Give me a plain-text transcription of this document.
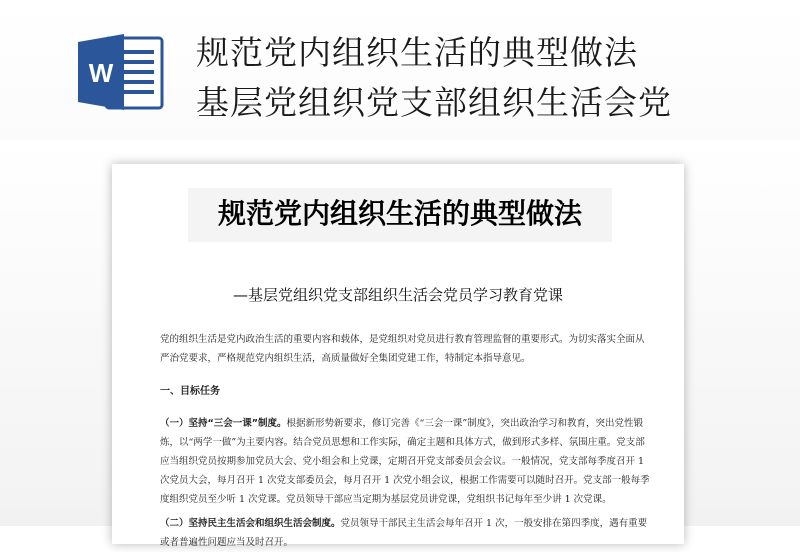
W
规范党内组织生活的典型做法
基层党组织党支部组织生活会党
规范党内组织生活的典型做法
—基层党组织党支部组织生活会党员学习教育党课
党的组织生活是党内政治生活的重要内容和载体，是党组织对党员进行教育管理监督的重要形式。为切实落实全面从严治党要求，严格规范党内组织生活，高质量做好全集团党建工作，特制定本指导意见。
一、目标任务
（一）坚持“三会一课”制度。根据新形势新要求，修订完善《“三会一课”制度》，突出政治学习和教育，突出党性锻炼，以“两学一做”为主要内容。结合党员思想和工作实际，确定主题和具体方式，做到形式多样、氛围庄重。党支部应当组织党员按期参加党员大会、党小组会和上党课，定期召开党支部委员会会议。一般情况，党支部每季度召开 1 次党员大会，每月召开 1 次党支部委员会，每月召开 1 次党小组会议，根据工作需要可以随时召开。党支部一般每季度组织党员至少听 1 次党课。党员领导干部应当定期为基层党员讲党课，党组织书记每年至少讲 1 次党课。
（二）坚持民主生活会和组织生活会制度。党员领导干部民主生活会每年召开 1 次，一般安排在第四季度，遇有重要或者普遍性问题应当及时召开。
